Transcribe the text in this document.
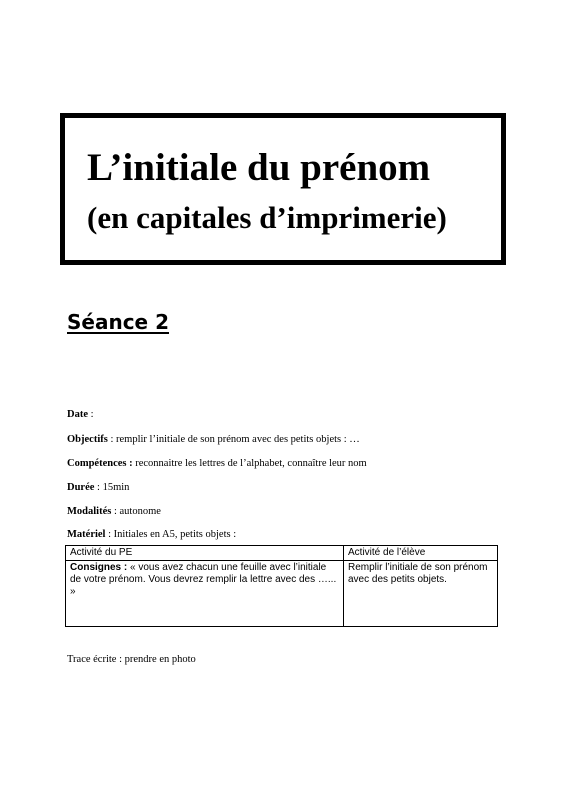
L’initiale du prénom
(en capitales d’imprimerie)
Séance 2
Date :
Objectifs : remplir l’initiale de son prénom avec des petits objets : …
Compétences : reconnaitre les lettres de l’alphabet, connaître leur nom
Durée : 15min
Modalités : autonome
Matériel : Initiales en A5, petits objets :
Activité du PE	Activité de l’élève
Consignes : « vous avez chacun une feuille avec l’initiale de votre prénom. Vous devrez remplir la lettre avec des …... »	Remplir l’initiale de son prénom avec des petits objets.
Trace écrite : prendre en photo
